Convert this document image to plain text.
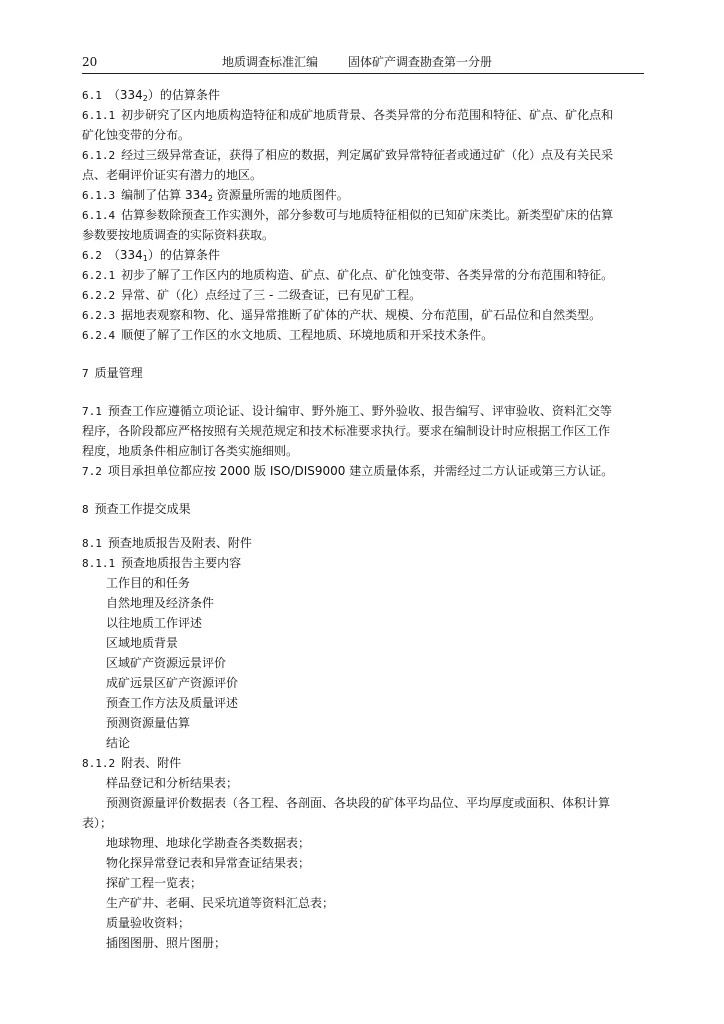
20	地质调查标准汇编	固体矿产调查勘查第一分册
6.1 $(334_2)$的估算条件
6.1.1 初步研究了区内地质构造特征和成矿地质背景、各类异常的分布范围和特征、矿点、矿化点和
矿化蚀变带的分布。
6.1.2 经过三级异常查证，获得了相应的数据，判定属矿致异常特征者或通过矿（化）点及有关民采
点、老硐评价证实有潜力的地区。
6.1.3 编制了估算 $334_2$ 资源量所需的地质图件。
6.1.4 估算参数除预查工作实测外，部分参数可与地质特征相似的已知矿床类比。新类型矿床的估算
参数要按地质调查的实际资料获取。
6.2 $(334_1)$的估算条件
6.2.1 初步了解了工作区内的地质构造、矿点、矿化点、矿化蚀变带、各类异常的分布范围和特征。
6.2.2 异常、矿（化）点经过了三 - 二级查证，已有见矿工程。
6.2.3 据地表观察和物、化、遥异常推断了矿体的产状、规模、分布范围，矿石品位和自然类型。
6.2.4 顺便了解了工作区的水文地质、工程地质、环境地质和开采技术条件。
7 质量管理
7.1 预查工作应遵循立项论证、设计编审、野外施工、野外验收、报告编写、评审验收、资料汇交等
程序，各阶段都应严格按照有关规范规定和技术标准要求执行。要求在编制设计时应根据工作区工作
程度，地质条件相应制订各类实施细则。
7.2 项目承担单位都应按 2000 版 ISO/DIS9000 建立质量体系，并需经过二方认证或第三方认证。
8 预查工作提交成果
8.1 预查地质报告及附表、附件
8.1.1 预查地质报告主要内容
工作目的和任务
自然地理及经济条件
以往地质工作评述
区域地质背景
区域矿产资源远景评价
成矿远景区矿产资源评价
预查工作方法及质量评述
预测资源量估算
结论
8.1.2 附表、附件
样品登记和分析结果表；
预测资源量评价数据表（各工程、各剖面、各块段的矿体平均品位、平均厚度或面积、体积计算
表）；
地球物理、地球化学勘查各类数据表；
物化探异常登记表和异常查证结果表；
探矿工程一览表；
生产矿井、老硐、民采坑道等资料汇总表；
质量验收资料；
插图图册、照片图册；
